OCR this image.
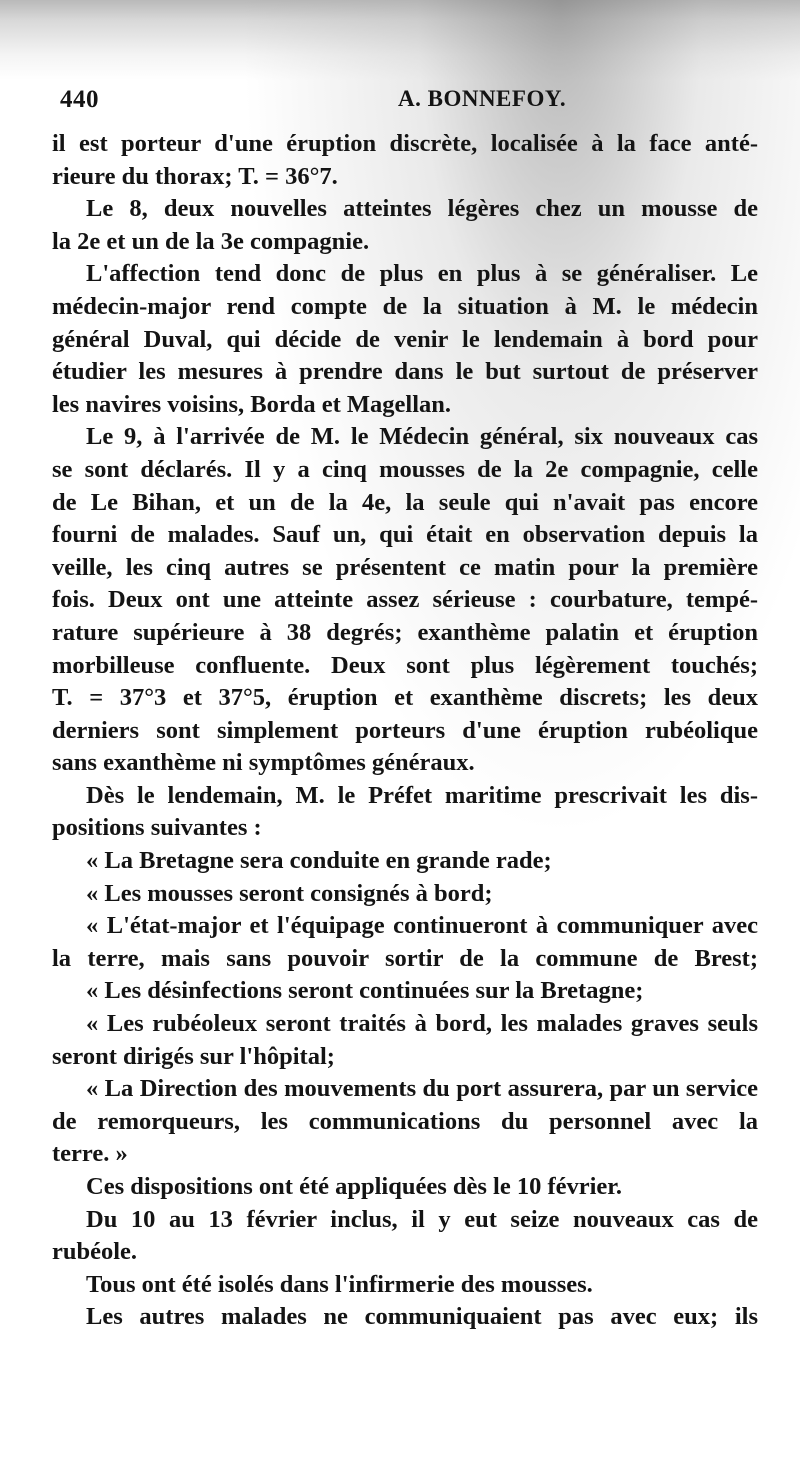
440	A. BONNEFOY.
il est porteur d'une éruption discrète, localisée à la face anté-
rieure du thorax; T. = 36°7.
Le 8, deux nouvelles atteintes légères chez un mousse de
la 2e et un de la 3e compagnie.
L'affection tend donc de plus en plus à se généraliser. Le
médecin-major rend compte de la situation à M. le médecin
général Duval, qui décide de venir le lendemain à bord pour
étudier les mesures à prendre dans le but surtout de préserver
les navires voisins, Borda et Magellan.
Le 9, à l'arrivée de M. le Médecin général, six nouveaux cas
se sont déclarés. Il y a cinq mousses de la 2e compagnie, celle
de Le Bihan, et un de la 4e, la seule qui n'avait pas encore
fourni de malades. Sauf un, qui était en observation depuis la
veille, les cinq autres se présentent ce matin pour la première
fois. Deux ont une atteinte assez sérieuse : courbature, tempé-
rature supérieure à 38 degrés; exanthème palatin et éruption
morbilleuse confluente. Deux sont plus légèrement touchés;
T. = 37°3 et 37°5, éruption et exanthème discrets; les deux
derniers sont simplement porteurs d'une éruption rubéolique
sans exanthème ni symptômes généraux.
Dès le lendemain, M. le Préfet maritime prescrivait les dis-
positions suivantes :
« La Bretagne sera conduite en grande rade;
« Les mousses seront consignés à bord;
« L'état-major et l'équipage continueront à communiquer avec
la terre, mais sans pouvoir sortir de la commune de Brest;
« Les désinfections seront continuées sur la Bretagne;
« Les rubéoleux seront traités à bord, les malades graves seuls
seront dirigés sur l'hôpital;
« La Direction des mouvements du port assurera, par un service
de remorqueurs, les communications du personnel avec la
terre. »
Ces dispositions ont été appliquées dès le 10 février.
Du 10 au 13 février inclus, il y eut seize nouveaux cas de
rubéole.
Tous ont été isolés dans l'infirmerie des mousses.
Les autres malades ne communiquaient pas avec eux; ils
